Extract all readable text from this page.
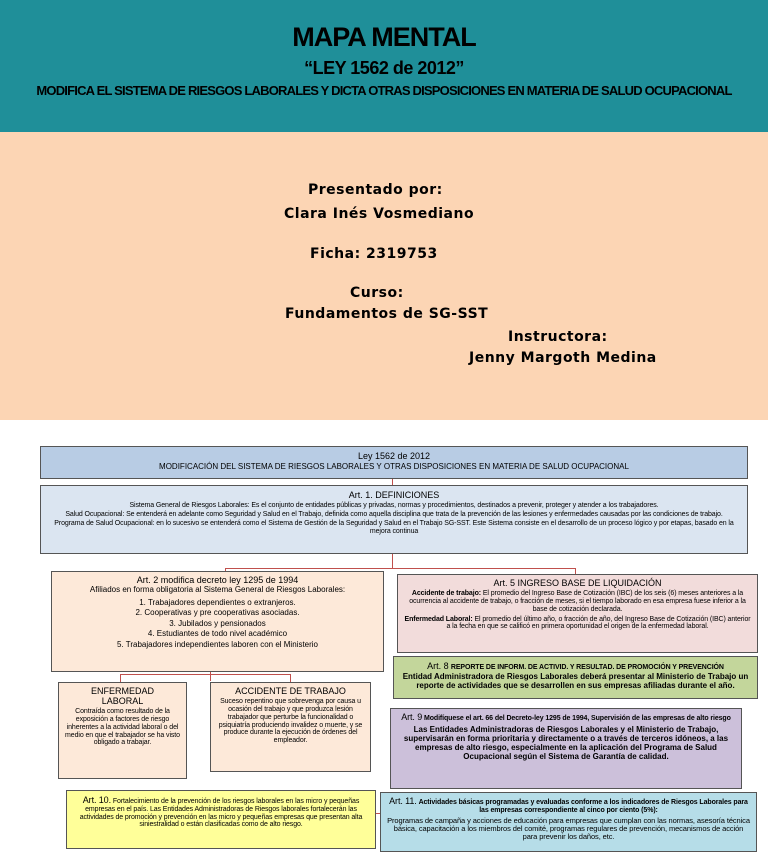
MAPA MENTAL
“LEY 1562 de 2012”
MODIFICA EL SISTEMA DE RIESGOS LABORALES Y DICTA OTRAS DISPOSICIONES EN MATERIA DE SALUD OCUPACIONAL
Presentado por:
Clara Inés Vosmediano
Ficha: 2319753
Curso:
Fundamentos de SG-SST
Instructora:
Jenny Margoth Medina
Ley 1562 de 2012
MODIFICACIÓN DEL SISTEMA DE RIESGOS LABORALES Y OTRAS DISPOSICIONES EN MATERIA DE SALUD OCUPACIONAL
Art. 1. DEFINICIONES
Sistema General de Riesgos Laborales: Es el conjunto de entidades públicas y privadas, normas y procedimientos, destinados a prevenir, proteger y atender a los trabajadores.
Salud Ocupacional: Se entenderá en adelante como Seguridad y Salud en el Trabajo, definida como aquella disciplina que trata de la prevención de las lesiones y enfermedades causadas por las condiciones de trabajo.
Programa de Salud Ocupacional: en lo sucesivo se entenderá como el Sistema de Gestión de la Seguridad y Salud en el Trabajo SG-SST. Este Sistema consiste en el desarrollo de un proceso lógico y por etapas, basado en la mejora continua
Art. 2 modifica decreto ley 1295 de 1994
Afiliados en forma obligatoria al Sistema General de Riesgos Laborales:
1. Trabajadores dependientes o extranjeros.
2. Cooperativas y pre cooperativas asociadas.
3. Jubilados y pensionados
4. Estudiantes de todo nivel académico
5. Trabajadores independientes laboren con el Ministerio
ENFERMEDAD LABORAL
Contraída como resultado de la exposición a factores de riesgo inherentes a la actividad laboral o del medio en que el trabajador se ha visto obligado a trabajar.
ACCIDENTE DE TRABAJO
Suceso repentino que sobrevenga por causa u ocasión del trabajo y que produzca lesión trabajador que perturbe la funcionalidad o psiquiatría produciendo invalidez o muerte, y se produce durante la ejecución de órdenes del empleador.
Art. 5 INGRESO BASE DE LIQUIDACIÓN
Accidente de trabajo: El promedio del Ingreso Base de Cotización (IBC) de los seis (6) meses anteriores a la ocurrencia al accidente de trabajo, o fracción de meses, si el tiempo laborado en esa empresa fuese inferior a la base de cotización declarada.
Enfermedad Laboral: El promedio del último año, o fracción de año, del Ingreso Base de Cotización (IBC) anterior a la fecha en que se calificó en primera oportunidad el origen de la enfermedad laboral.
Art. 8 REPORTE DE INFORM. DE ACTIVID. Y RESULTAD. DE PROMOCIÓN Y PREVENCIÓN
Entidad Administradora de Riesgos Laborales deberá presentar al Ministerio de Trabajo un reporte de actividades que se desarrollen en sus empresas afiliadas durante el año.
Art. 9 Modifíquese el art. 66 del Decreto-ley 1295 de 1994, Supervisión de las empresas de alto riesgo
Las Entidades Administradoras de Riesgos Laborales y el Ministerio de Trabajo, supervisarán en forma prioritaria y directamente o a través de terceros idóneos, a las empresas de alto riesgo, especialmente en la aplicación del Programa de Salud Ocupacional según el Sistema de Garantía de calidad.
Art. 10. Fortalecimiento de la prevención de los riesgos laborales en las micro y pequeñas empresas en el país. Las Entidades Administradoras de Riesgos laborales fortalecerán las actividades de promoción y prevención en las micro y pequeñas empresas que presentan alta siniestralidad o están clasificadas como de alto riesgo.
Art. 11. Actividades básicas programadas y evaluadas conforme a los indicadores de Riesgos Laborales para las empresas correspondiente al cinco por ciento (5%):
Programas de campaña y acciones de educación para empresas que cumplan con las normas, asesoría técnica básica, capacitación a los miembros del comité, programas regulares de prevención, mecanismos de acción para prevenir los daños, etc.
